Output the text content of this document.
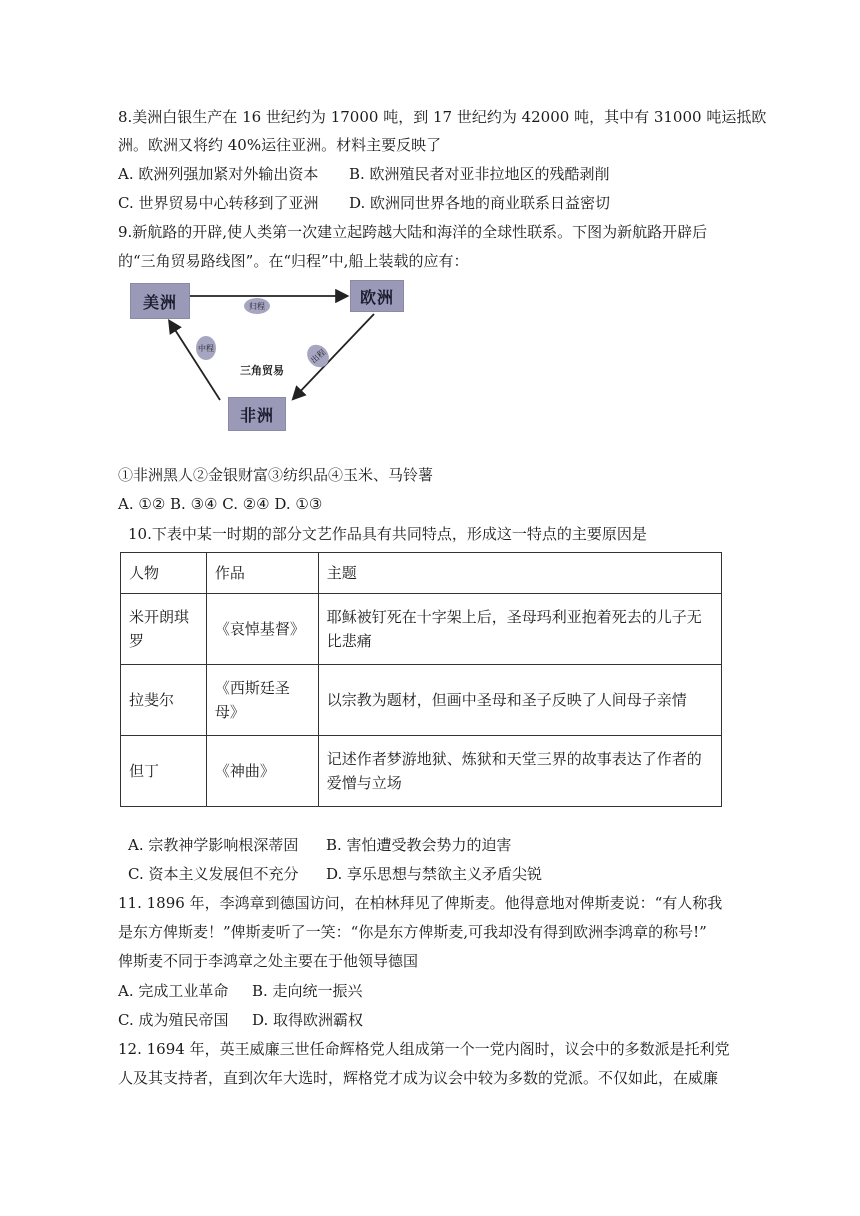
8.美洲白银生产在 16 世纪约为 17000 吨，到 17 世纪约为 42000 吨，其中有 31000 吨运抵欧
洲。欧洲又将约 40%运往亚洲。材料主要反映了
A. 欧洲列强加紧对外输出资本 B. 欧洲殖民者对亚非拉地区的残酷剥削
C. 世界贸易中心转移到了亚洲 D. 欧洲同世界各地的商业联系日益密切
9.新航路的开辟,使人类第一次建立起跨越大陆和海洋的全球性联系。下图为新航路开辟后
的“三角贸易路线图”。在“归程”中,船上装载的应有：
美洲	欧洲
非洲
归程
中程	出程
三角贸易
①非洲黑人②金银财富③纺织品④玉米、马铃薯
A. ①② B. ③④ C. ②④ D. ①③
10.下表中某一时期的部分文艺作品具有共同特点，形成这一特点的主要原因是
人物	作品	主题
米开朗琪罗	《哀悼基督》	耶稣被钉死在十字架上后，圣母玛利亚抱着死去的儿子无比悲痛
拉斐尔	《西斯廷圣母》	以宗教为题材，但画中圣母和圣子反映了人间母子亲情
但丁	《神曲》	记述作者梦游地狱、炼狱和天堂三界的故事表达了作者的爱憎与立场
A. 宗教神学影响根深蒂固 B. 害怕遭受教会势力的迫害
C. 资本主义发展但不充分 D. 享乐思想与禁欲主义矛盾尖锐
11. 1896 年，李鸿章到德国访问，在柏林拜见了俾斯麦。他得意地对俾斯麦说：“有人称我
是东方俾斯麦！”俾斯麦听了一笑：“你是东方俾斯麦,可我却没有得到欧洲李鸿章的称号!”
俾斯麦不同于李鸿章之处主要在于他领导德国
A. 完成工业革命 B. 走向统一振兴
C. 成为殖民帝国 D. 取得欧洲霸权
12. 1694 年，英王威廉三世任命辉格党人组成第一个一党内阁时，议会中的多数派是托利党
人及其支持者，直到次年大选时，辉格党才成为议会中较为多数的党派。不仅如此，在威廉
